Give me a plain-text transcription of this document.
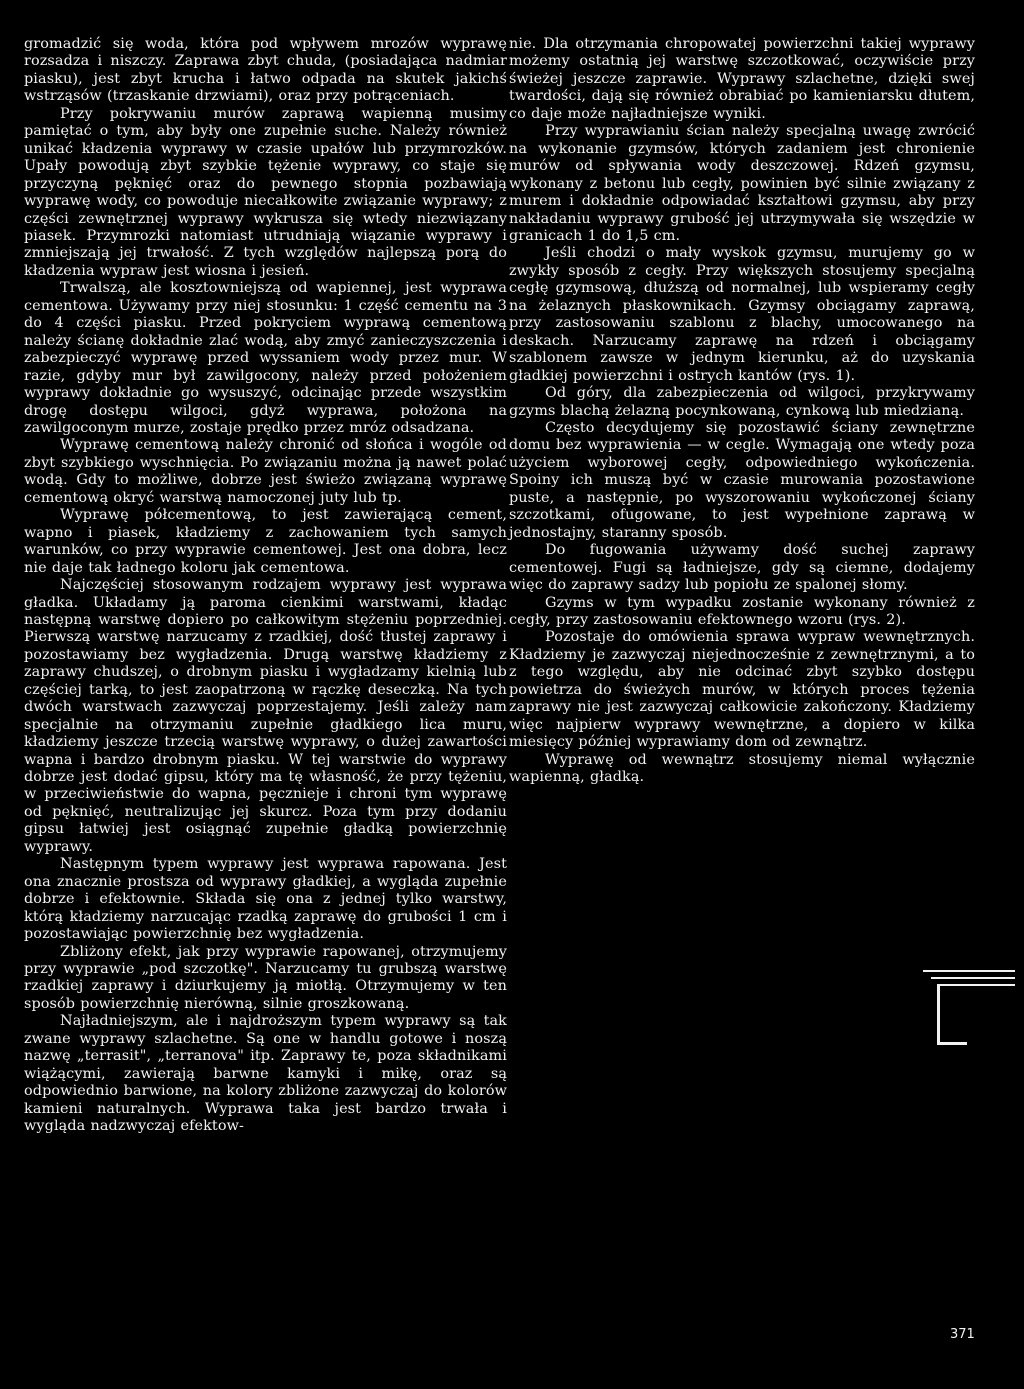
gromadzić się woda, która pod wpływem mrozów wyprawę rozsadza i niszczy. Zaprawa zbyt chuda, (posiadająca nadmiar piasku), jest zbyt krucha i łatwo odpada na skutek jakichś wstrząsów (trzaskanie drzwiami), oraz przy potrąceniach.

Przy pokrywaniu murów zaprawą wapienną musimy pamiętać o tym, aby były one zupełnie suche. Należy również unikać kładzenia wyprawy w czasie upałów lub przymrozków. Upały powodują zbyt szybkie tężenie wyprawy, co staje się przyczyną pęknięć oraz do pewnego stopnia pozbawiają wyprawę wody, co powoduje niecałkowite związanie wyprawy; z części zewnętrznej wyprawy wykrusza się wtedy niezwiązany piasek. Przymrozki natomiast utrudniają wiązanie wyprawy i zmniejszają jej trwałość. Z tych względów najlepszą porą do kładzenia wypraw jest wiosna i jesień.

Trwalszą, ale kosztowniejszą od wapiennej, jest wyprawa cementowa. Używamy przy niej stosunku: 1 część cementu na 3 do 4 części piasku. Przed pokryciem wyprawą cementową należy ścianę dokładnie zlać wodą, aby zmyć zanieczyszczenia i zabezpieczyć wyprawę przed wyssaniem wody przez mur. W razie, gdyby mur był zawilgocony, należy przed położeniem wyprawy dokładnie go wysuszyć, odcinając przede wszystkim drogę dostępu wilgoci, gdyż wyprawa, położona na zawilgoconym murze, zostaje prędko przez mróz odsadzana.

Wyprawę cementową należy chronić od słońca i wogóle od zbyt szybkiego wyschnięcia. Po związaniu można ją nawet polać wodą. Gdy to możliwe, dobrze jest świeżo związaną wyprawę cementową okryć warstwą namoczonej juty lub tp.

Wyprawę półcementową, to jest zawierającą cement, wapno i piasek, kładziemy z zachowaniem tych samych warunków, co przy wyprawie cementowej. Jest ona dobra, lecz nie daje tak ładnego koloru jak cementowa.

Najczęściej stosowanym rodzajem wyprawy jest wyprawa gładka. Układamy ją paroma cienkimi warstwami, kładąc następną warstwę dopiero po całkowitym stężeniu poprzedniej. Pierwszą warstwę narzucamy z rzadkiej, dość tłustej zaprawy i pozostawiamy bez wygładzenia. Drugą warstwę kładziemy z zaprawy chudszej, o drobnym piasku i wygładzamy kielnią lub częściej tarką, to jest zaopatrzoną w rączkę deseczką. Na tych dwóch warstwach zazwyczaj poprzestajemy. Jeśli zależy nam specjalnie na otrzymaniu zupełnie gładkiego lica muru, kładziemy jeszcze trzecią warstwę wyprawy, o dużej zawartości wapna i bardzo drobnym piasku. W tej warstwie do wyprawy dobrze jest dodać gipsu, który ma tę własność, że przy tężeniu, w przeciwieństwie do wapna, pęcznieje i chroni tym wyprawę od pęknięć, neutralizując jej skurcz. Poza tym przy dodaniu gipsu łatwiej jest osiągnąć zupełnie gładką powierzchnię wyprawy.

Następnym typem wyprawy jest wyprawa rapowana. Jest ona znacznie prostsza od wyprawy gładkiej, a wygląda zupełnie dobrze i efektownie. Składa się ona z jednej tylko warstwy, którą kładziemy narzucając rzadką zaprawę do grubości 1 cm i pozostawiając powierzchnię bez wygładzenia.

Zbliżony efekt, jak przy wyprawie rapowanej, otrzymujemy przy wyprawie „pod szczotkę". Narzucamy tu grubszą warstwę rzadkiej zaprawy i dziurkujemy ją miotłą. Otrzymujemy w ten sposób powierzchnię nierówną, silnie groszkowaną.

Najładniejszym, ale i najdroższym typem wyprawy są tak zwane wyprawy szlachetne. Są one w handlu gotowe i noszą nazwę „terrasit", „terranova" itp. Zaprawy te, poza składnikami wiążącymi, zawierają barwne kamyki i mikę, oraz są odpowiednio barwione, na kolory zbliżone zazwyczaj do kolorów kamieni naturalnych. Wyprawa taka jest bardzo trwała i wygląda nadzwyczaj efektow-

nie. Dla otrzymania chropowatej powierzchni takiej wyprawy możemy ostatnią jej warstwę szczotkować, oczywiście przy świeżej jeszcze zaprawie. Wyprawy szlachetne, dzięki swej twardości, dają się również obrabiać po kamieniarsku dłutem, co daje może najładniejsze wyniki.

Przy wyprawianiu ścian należy specjalną uwagę zwrócić na wykonanie gzymsów, których zadaniem jest chronienie murów od spływania wody deszczowej. Rdzeń gzymsu, wykonany z betonu lub cegły, powinien być silnie związany z murem i dokładnie odpowiadać kształtowi gzymsu, aby przy nakładaniu wyprawy grubość jej utrzymywała się wszędzie w granicach 1 do 1,5 cm.

Jeśli chodzi o mały wyskok gzymsu, murujemy go w zwykły sposób z cegły. Przy większych stosujemy specjalną cegłę gzymsową, dłuższą od normalnej, lub wspieramy cegły na żelaznych płaskownikach. Gzymsy obciągamy zaprawą, przy zastosowaniu szablonu z blachy, umocowanego na deskach. Narzucamy zaprawę na rdzeń i obciągamy szablonem zawsze w jednym kierunku, aż do uzyskania gładkiej powierzchni i ostrych kantów (rys. 1).

Od góry, dla zabezpieczenia od wilgoci, przykrywamy gzyms blachą żelazną pocynkowaną, cynkową lub miedzianą.

Często decydujemy się pozostawić ściany zewnętrzne domu bez wyprawienia — w cegle. Wymagają one wtedy poza użyciem wyborowej cegły, odpowiedniego wykończenia. Spoiny ich muszą być w czasie murowania pozostawione puste, a następnie, po wyszorowaniu wykończonej ściany szczotkami, ofugowane, to jest wypełnione zaprawą w jednostajny, staranny sposób.

Do fugowania używamy dość suchej zaprawy cementowej. Fugi są ładniejsze, gdy są ciemne, dodajemy więc do zaprawy sadzy lub popiołu ze spalonej słomy.

Gzyms w tym wypadku zostanie wykonany również z cegły, przy zastosowaniu efektownego wzoru (rys. 2).

Pozostaje do omówienia sprawa wypraw wewnętrznych. Kładziemy je zazwyczaj niejednocześnie z zewnętrznymi, a to z tego względu, aby nie odcinać zbyt szybko dostępu powietrza do świeżych murów, w których proces tężenia zaprawy nie jest zazwyczaj całkowicie zakończony. Kładziemy więc najpierw wyprawy wewnętrzne, a dopiero w kilka miesięcy później wyprawiamy dom od zewnątrz.

Wyprawę od wewnątrz stosujemy niemal wyłącznie wapienną, gładką.

371
